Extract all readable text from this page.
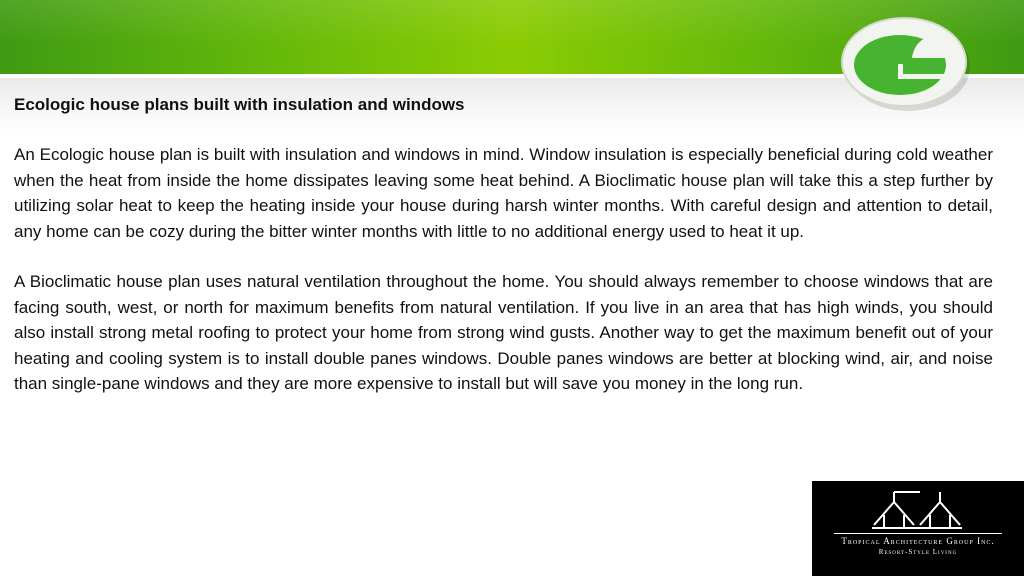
Ecologic house plans built with insulation and windows

An Ecologic house plan is built with insulation and windows in mind. Window insulation is especially beneficial during cold weather when the heat from inside the home dissipates leaving some heat behind. A Bioclimatic house plan will take this a step further by utilizing solar heat to keep the heating inside your house during harsh winter months. With careful design and attention to detail, any home can be cozy during the bitter winter months with little to no additional energy used to heat it up.

A Bioclimatic house plan uses natural ventilation throughout the home. You should always remember to choose windows that are facing south, west, or north for maximum benefits from natural ventilation. If you live in an area that has high winds, you should also install strong metal roofing to protect your home from strong wind gusts. Another way to get the maximum benefit out of your heating and cooling system is to install double panes windows. Double panes windows are better at blocking wind, air, and noise than single-pane windows and they are more expensive to install but will save you money in the long run.

Tropical Architecture Group Inc.
Resort-Style Living
